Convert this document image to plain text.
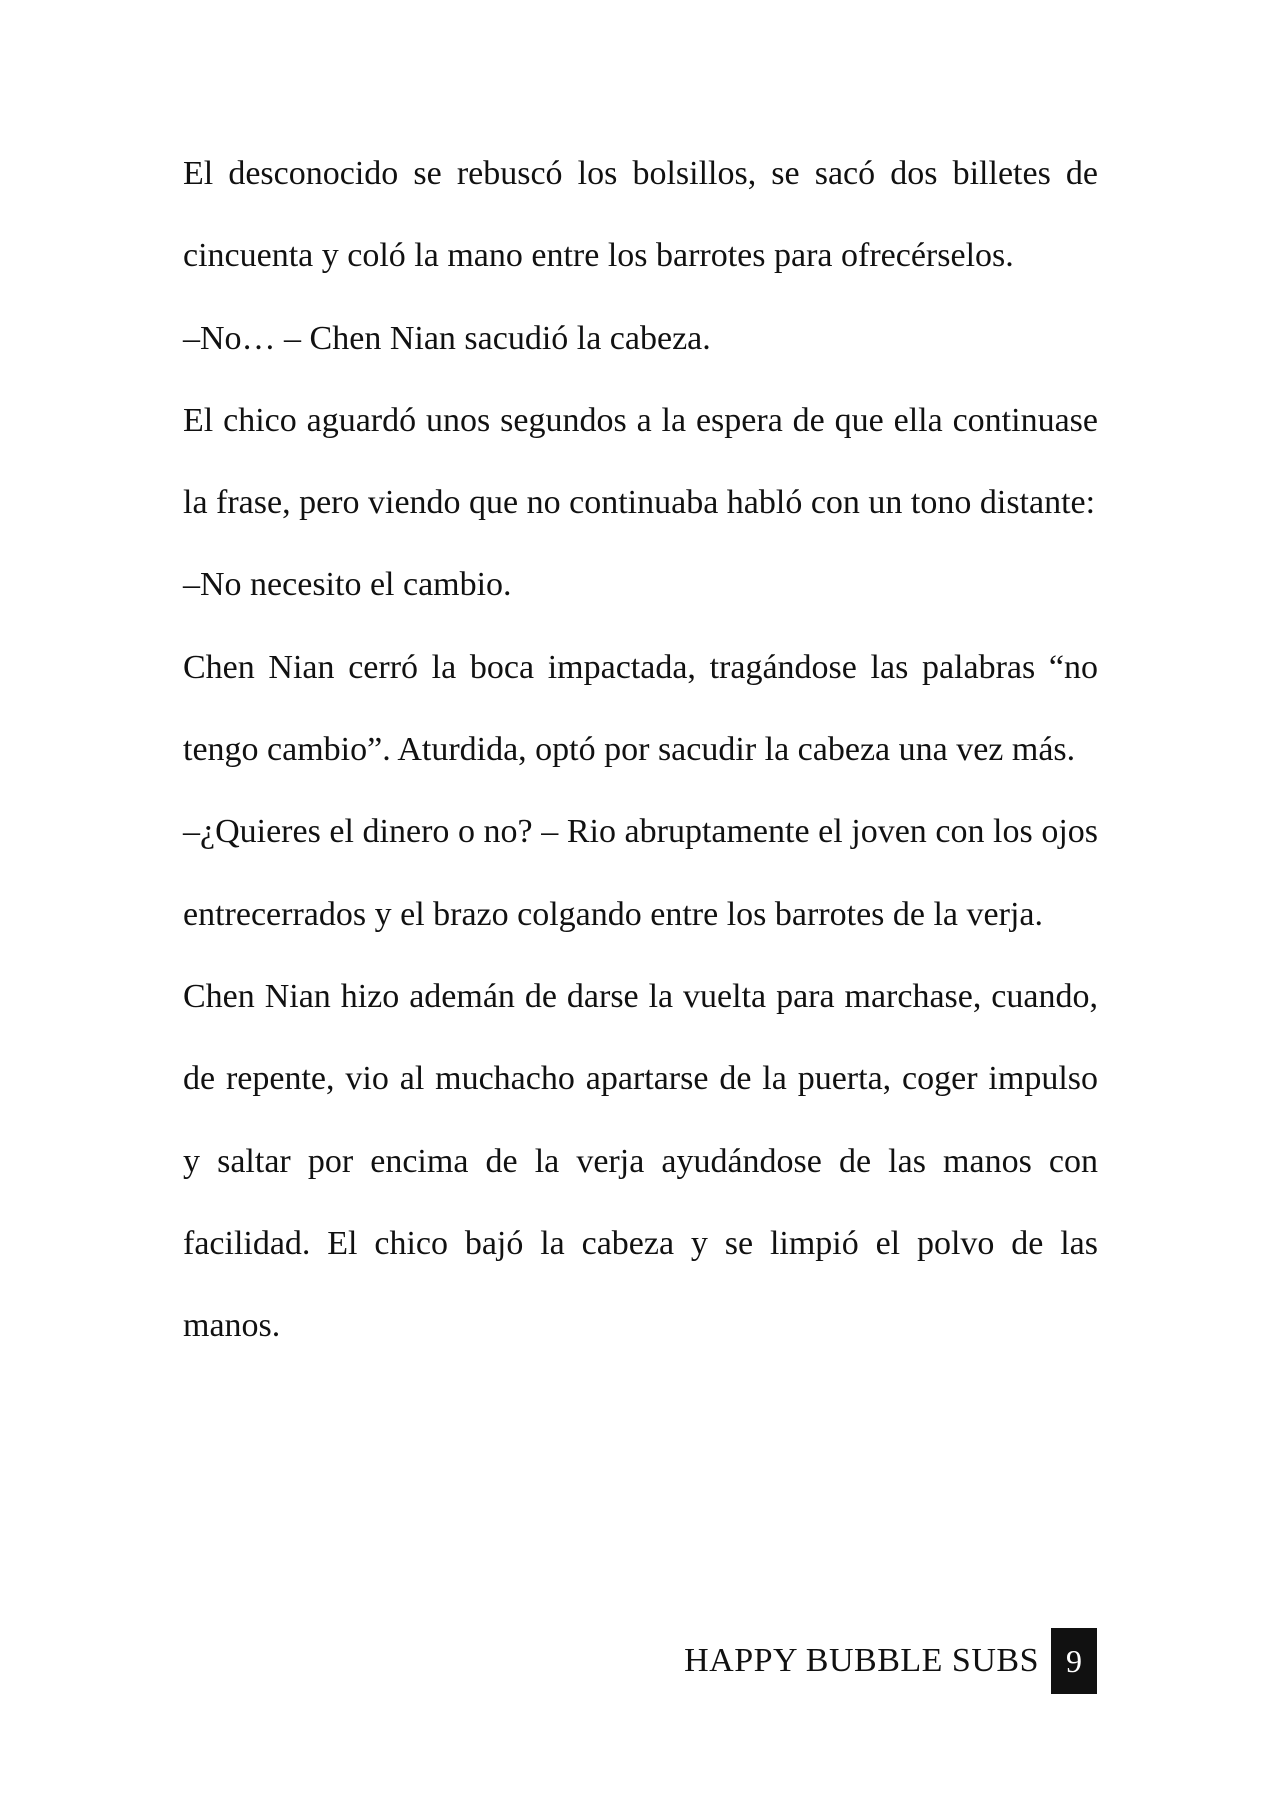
El desconocido se rebuscó los bolsillos, se sacó dos billetes de cincuenta y coló la mano entre los barrotes para ofrecérselos.

–No… – Chen Nian sacudió la cabeza.

El chico aguardó unos segundos a la espera de que ella continuase la frase, pero viendo que no continuaba habló con un tono distante:

–No necesito el cambio.

Chen Nian cerró la boca impactada, tragándose las palabras “no tengo cambio”. Aturdida, optó por sacudir la cabeza una vez más.

–¿Quieres el dinero o no? – Rio abruptamente el joven con los ojos entrecerrados y el brazo colgando entre los barrotes de la verja.

Chen Nian hizo ademán de darse la vuelta para marchase, cuando, de repente, vio al muchacho apartarse de la puerta, coger impulso y saltar por encima de la verja ayudándose de las manos con facilidad. El chico bajó la cabeza y se limpió el polvo de las manos.

HAPPY BUBBLE SUBS 9
